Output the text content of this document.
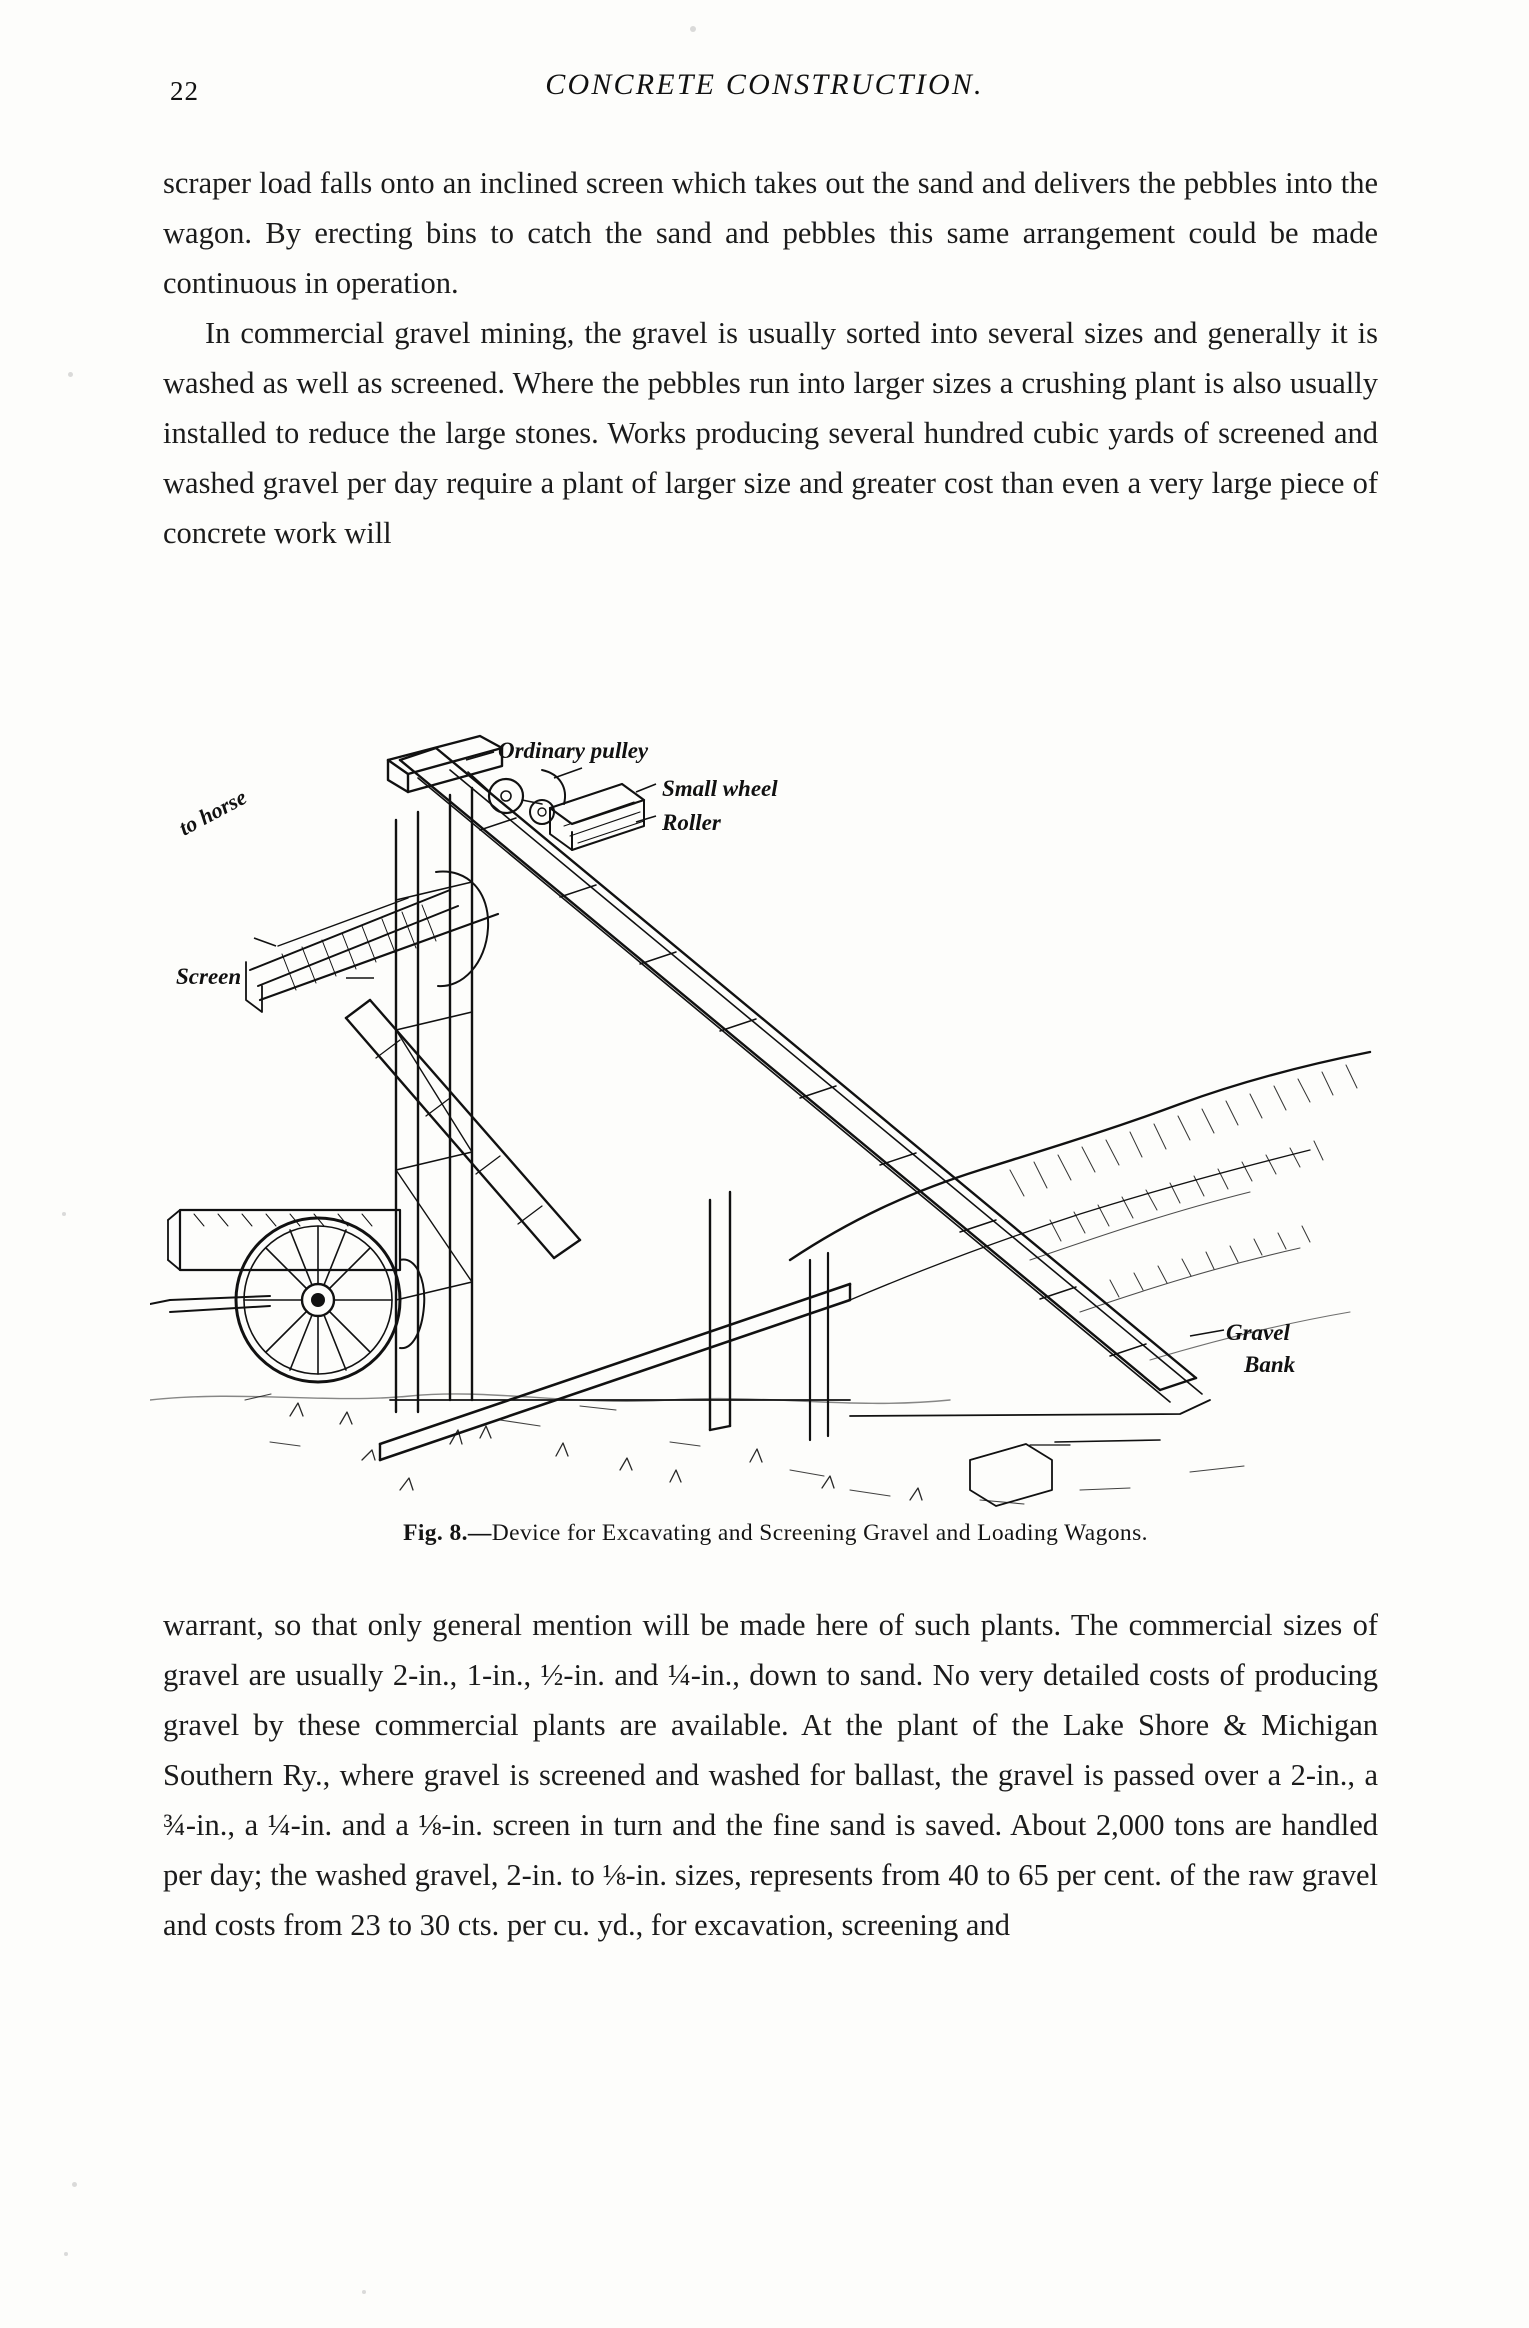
22	CONCRETE CONSTRUCTION.

scraper load falls onto an inclined screen which takes out the sand and delivers the pebbles into the wagon. By erecting bins to catch the sand and pebbles this same arrangement could be made continuous in operation.

In commercial gravel mining, the gravel is usually sorted into several sizes and generally it is washed as well as screened. Where the pebbles run into larger sizes a crushing plant is also usually installed to reduce the large stones. Works producing several hundred cubic yards of screened and washed gravel per day require a plant of larger size and greater cost than even a very large piece of concrete work will

Ordinary pulley
Small wheel
Roller
to horse
Screen
Gravel
Bank
Fig. 8.—Device for Excavating and Screening Gravel and Loading Wagons.

warrant, so that only general mention will be made here of such plants. The commercial sizes of gravel are usually 2-in., 1-in., ½-in. and ¼-in., down to sand. No very detailed costs of producing gravel by these commercial plants are available. At the plant of the Lake Shore & Michigan Southern Ry., where gravel is screened and washed for ballast, the gravel is passed over a 2-in., a ¾-in., a ¼-in. and a ⅛-in. screen in turn and the fine sand is saved. About 2,000 tons are handled per day; the washed gravel, 2-in. to ⅛-in. sizes, represents from 40 to 65 per cent. of the raw gravel and costs from 23 to 30 cts. per cu. yd., for excavation, screening and
